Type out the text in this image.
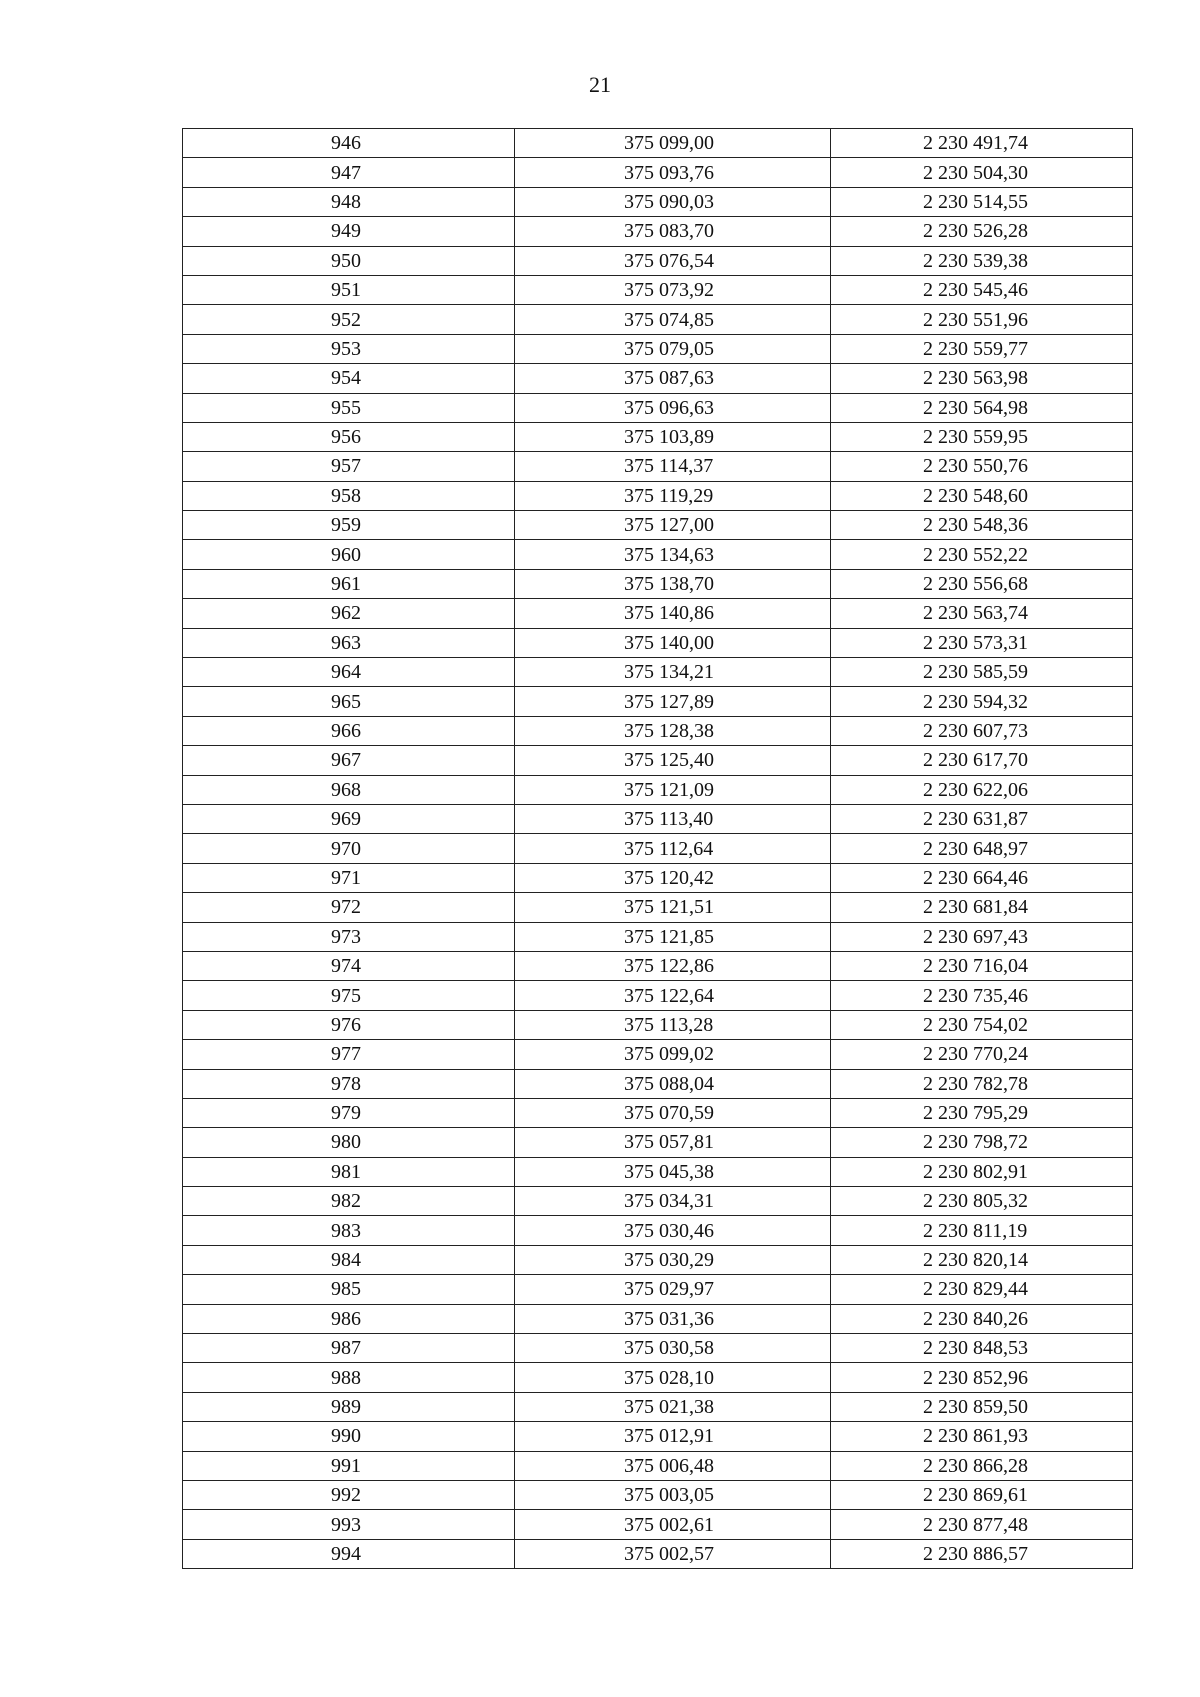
21
946	375 099,00	2 230 491,74
947	375 093,76	2 230 504,30
948	375 090,03	2 230 514,55
949	375 083,70	2 230 526,28
950	375 076,54	2 230 539,38
951	375 073,92	2 230 545,46
952	375 074,85	2 230 551,96
953	375 079,05	2 230 559,77
954	375 087,63	2 230 563,98
955	375 096,63	2 230 564,98
956	375 103,89	2 230 559,95
957	375 114,37	2 230 550,76
958	375 119,29	2 230 548,60
959	375 127,00	2 230 548,36
960	375 134,63	2 230 552,22
961	375 138,70	2 230 556,68
962	375 140,86	2 230 563,74
963	375 140,00	2 230 573,31
964	375 134,21	2 230 585,59
965	375 127,89	2 230 594,32
966	375 128,38	2 230 607,73
967	375 125,40	2 230 617,70
968	375 121,09	2 230 622,06
969	375 113,40	2 230 631,87
970	375 112,64	2 230 648,97
971	375 120,42	2 230 664,46
972	375 121,51	2 230 681,84
973	375 121,85	2 230 697,43
974	375 122,86	2 230 716,04
975	375 122,64	2 230 735,46
976	375 113,28	2 230 754,02
977	375 099,02	2 230 770,24
978	375 088,04	2 230 782,78
979	375 070,59	2 230 795,29
980	375 057,81	2 230 798,72
981	375 045,38	2 230 802,91
982	375 034,31	2 230 805,32
983	375 030,46	2 230 811,19
984	375 030,29	2 230 820,14
985	375 029,97	2 230 829,44
986	375 031,36	2 230 840,26
987	375 030,58	2 230 848,53
988	375 028,10	2 230 852,96
989	375 021,38	2 230 859,50
990	375 012,91	2 230 861,93
991	375 006,48	2 230 866,28
992	375 003,05	2 230 869,61
993	375 002,61	2 230 877,48
994	375 002,57	2 230 886,57
